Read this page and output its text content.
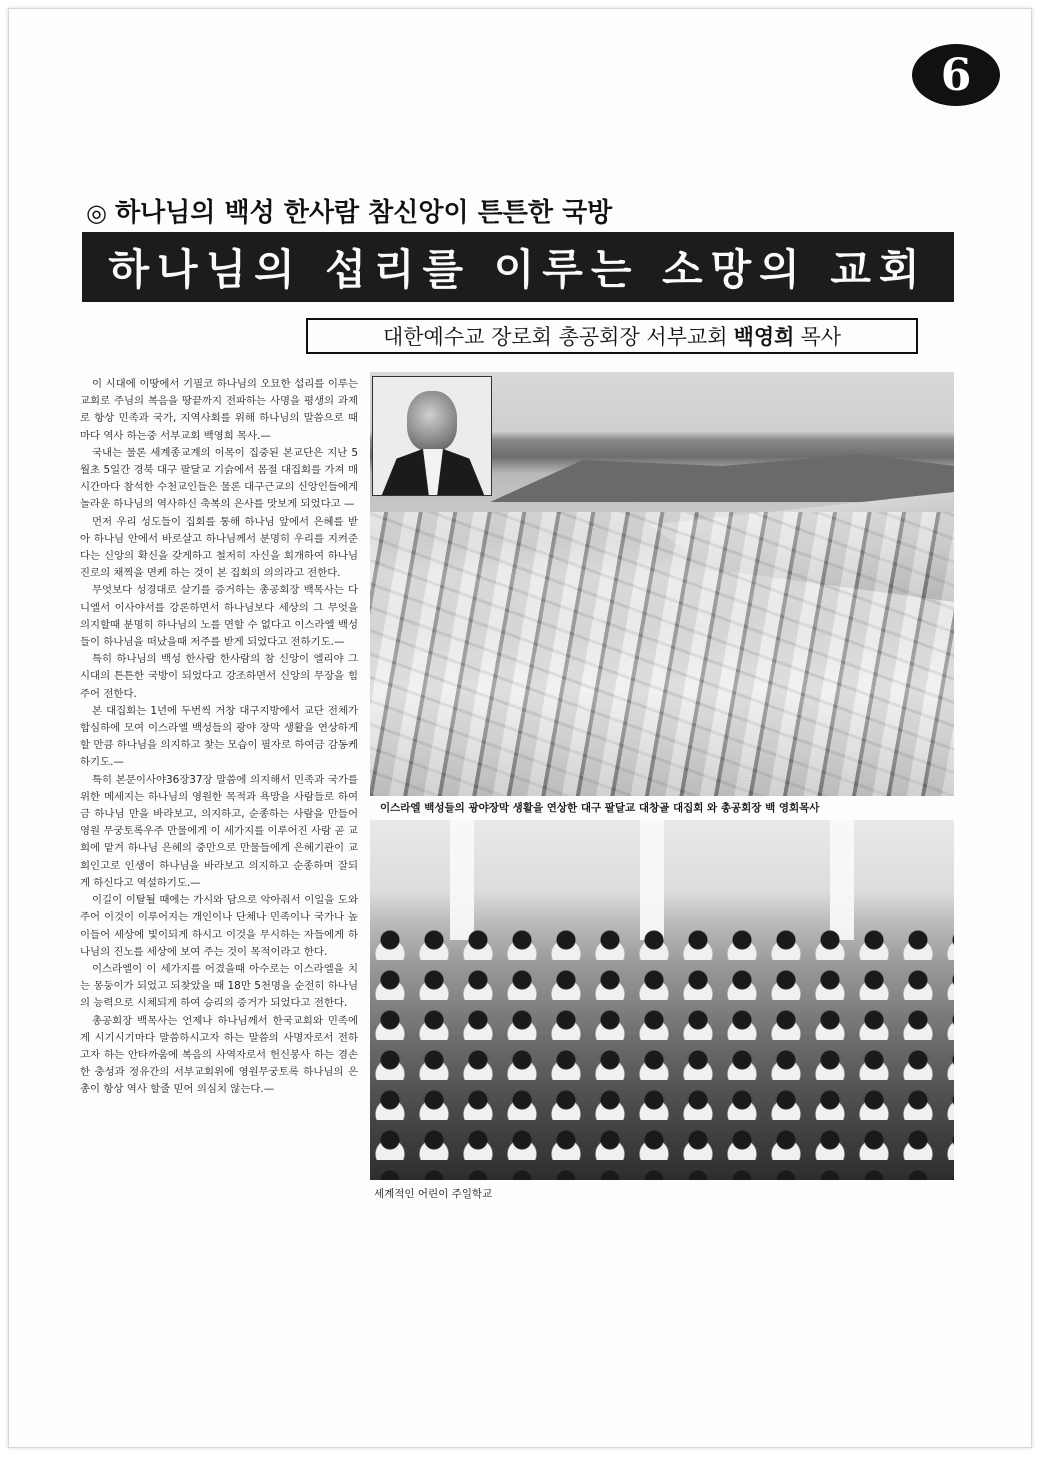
6
◎ 하나님의 백성 한사람 참신앙이 튼튼한 국방
하나님의 섭리를 이루는 소망의 교회
대한예수교 장로회 총공회장 서부교회 백영희 목사

이 시대에 이땅에서 기필코 하나님의 오묘한 섭리를 이루는 교회로 주님의 복음을 땅끝까지 전파하는 사명을 평생의 과제로 항상 민족과 국가, 지역사회를 위해 하나님의 말씀으로 때마다 역사 하는중 서부교회 백영희 목사.—

국내는 물론 세계종교계의 이목이 집중된 본교단은 지난 5월초 5일간 경북 대구 팔달교 기슭에서 몸절 대집회를 가져 매시간마다 참석한 수천교인들은 물론 대구근교의 신앙인들에게 놀라운 하나님의 역사하신 축복의 은사를 맛보게 되었다고 —

먼저 우리 성도들이 집회를 통해 하나님 앞에서 은혜를 받아 하나님 안에서 바로살고 하나님께서 분명히 우리를 지켜준다는 신앙의 확신을 갖게하고 철저히 자신을 회개하여 하나님 진로의 채찍을 면케 하는 것이 본 집회의 의의라고 전한다.

무엇보다 성경대로 살기를 증거하는 총공회장 백목사는 다니엘서 이사야서를 강론하면서 하나님보다 세상의 그 무엇을 의지할때 분명히 하나님의 노를 면할 수 없다고 이스라엘 백성들이 하나님을 떠났을때 저주를 받게 되었다고 전하기도.—

특히 하나님의 백성 한사람 한사람의 참 신앙이 엘리야 그 시대의 튼튼한 국방이 되었다고 강조하면서 신앙의 무장을 힘주어 전한다.

본 대집회는 1년에 두번씩 거창 대구지방에서 교단 전체가 합심하에 모여 이스라엘 백성들의 광야 장막 생활을 연상하게 할 만큼 하나님을 의지하고 찾는 모습이 필자로 하여금 감동케 하기도.—

특히 본문이사야36장37장 말씀에 의지해서 민족과 국가를 위한 메세지는 하나님의 영원한 목적과 욕망을 사람들로 하여금 하나님 만을 바라보고, 의지하고, 순종하는 사람을 만들어 영원 무궁토록우주 만물에게 이 세가지를 이루어진 사람 곧 교회에 맡겨 하나님 은혜의 중만으로 만물들에게 은혜기관이 교회인고로 인생이 하나님을 바라보고 의지하고 순종하며 잘되게 하신다고 역설하기도.—

이길이 이탈될 때에는 가시와 담으로 악아줘서 이일을 도와주어 이것이 이루어지는 개인이나 단체나 민족이나 국가나 높이들어 세상에 빛이되게 하시고 이것을 무시하는 자들에게 하나님의 진노를 세상에 보여 주는 것이 목적이라고 한다.

이스라엘이 이 세가지를 어겼을때 아수로는 이스라엘을 치는 몽둥이가 되었고 되찾았을 때 18만 5천명을 순전히 하나님의 능력으로 시체되게 하여 승리의 증거가 되었다고 전한다.

총공회장 백목사는 언제나 하나님께서 한국교회와 민족에게 시기시기마다 말씀하시고자 하는 말씀의 사명자로서 전하고자 하는 안타까움에 복음의 사역자로서 헌신봉사 하는 겸손한 충성과 정유간의 서부교회위에 영원무궁토록 하나님의 은총이 항상 역사 할줄 믿어 의심치 않는다.—

이스라엘 백성들의 광야장막 생활을 연상한 대구 팔달교 대창골 대집회 와 총공회장 백 영회목사
세계적인 어린이 주일학교
